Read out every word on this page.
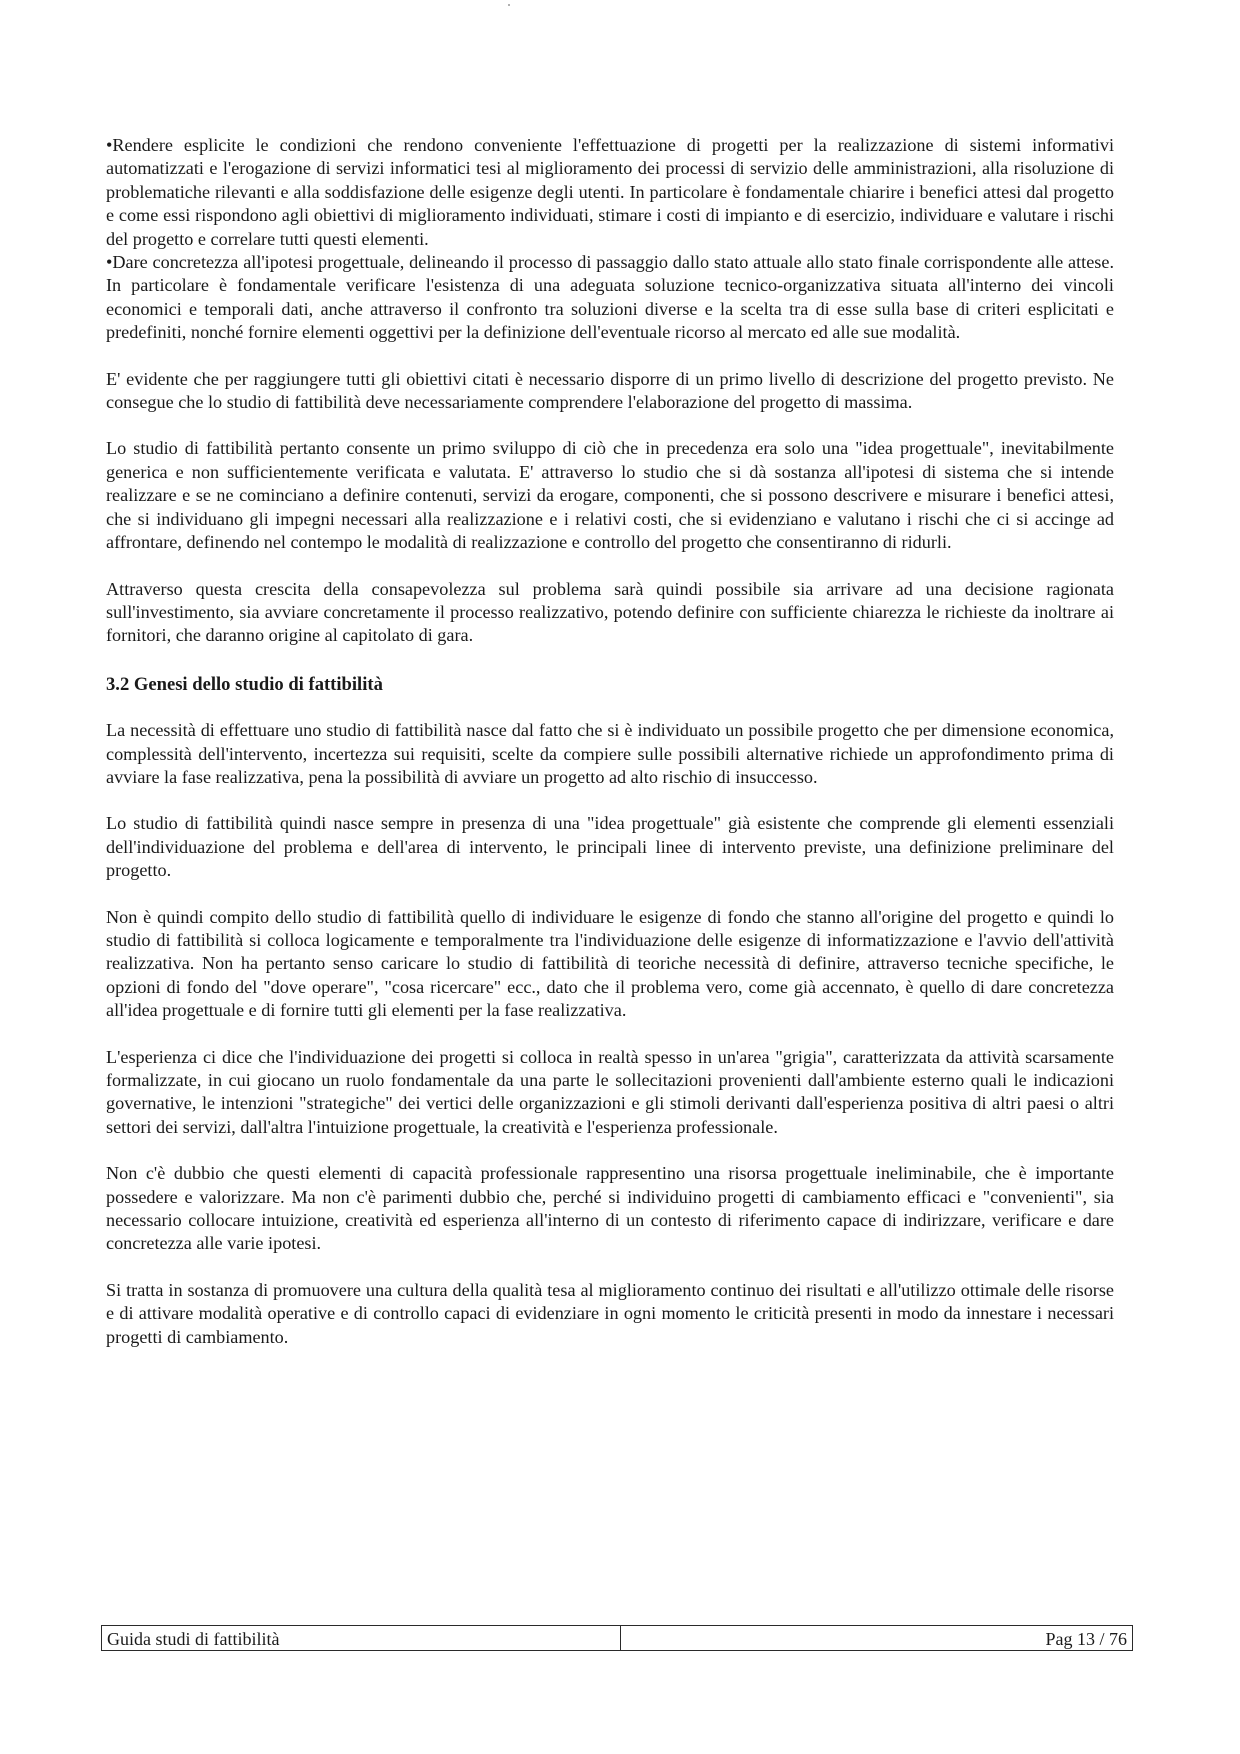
•Rendere esplicite le condizioni che rendono conveniente l'effettuazione di progetti per la realizzazione di sistemi informativi automatizzati e l'erogazione di servizi informatici tesi al miglioramento dei processi di servizio delle amministrazioni, alla risoluzione di problematiche rilevanti e alla soddisfazione delle esigenze degli utenti. In particolare è fondamentale chiarire i benefici attesi dal progetto e come essi rispondono agli obiettivi di miglioramento individuati, stimare i costi di impianto e di esercizio, individuare e valutare i rischi del progetto e correlare tutti questi elementi.

•Dare concretezza all'ipotesi progettuale, delineando il processo di passaggio dallo stato attuale allo stato finale corrispondente alle attese. In particolare è fondamentale verificare l'esistenza di una adeguata soluzione tecnico-organizzativa situata all'interno dei vincoli economici e temporali dati, anche attraverso il confronto tra soluzioni diverse e la scelta tra di esse sulla base di criteri esplicitati e predefiniti, nonché fornire elementi oggettivi per la definizione dell'eventuale ricorso al mercato ed alle sue modalità.

E' evidente che per raggiungere tutti gli obiettivi citati è necessario disporre di un primo livello di descrizione del progetto previsto. Ne consegue che lo studio di fattibilità deve necessariamente comprendere l'elaborazione del progetto di massima.

Lo studio di fattibilità pertanto consente un primo sviluppo di ciò che in precedenza era solo una "idea progettuale", inevitabilmente generica e non sufficientemente verificata e valutata. E' attraverso lo studio che si dà sostanza all'ipotesi di sistema che si intende realizzare e se ne cominciano a definire contenuti, servizi da erogare, componenti, che si possono descrivere e misurare i benefici attesi, che si individuano gli impegni necessari alla realizzazione e i relativi costi, che si evidenziano e valutano i rischi che ci si accinge ad affrontare, definendo nel contempo le modalità di realizzazione e controllo del progetto che consentiranno di ridurli.

Attraverso questa crescita della consapevolezza sul problema sarà quindi possibile sia arrivare ad una decisione ragionata sull'investimento, sia avviare concretamente il processo realizzativo, potendo definire con sufficiente chiarezza le richieste da inoltrare ai fornitori, che daranno origine al capitolato di gara.

3.2 Genesi dello studio di fattibilità

La necessità di effettuare uno studio di fattibilità nasce dal fatto che si è individuato un possibile progetto che per dimensione economica, complessità dell'intervento, incertezza sui requisiti, scelte da compiere sulle possibili alternative richiede un approfondimento prima di avviare la fase realizzativa, pena la possibilità di avviare un progetto ad alto rischio di insuccesso.

Lo studio di fattibilità quindi nasce sempre in presenza di una "idea progettuale" già esistente che comprende gli elementi essenziali dell'individuazione del problema e dell'area di intervento, le principali linee di intervento previste, una definizione preliminare del progetto.

Non è quindi compito dello studio di fattibilità quello di individuare le esigenze di fondo che stanno all'origine del progetto e quindi lo studio di fattibilità si colloca logicamente e temporalmente tra l'individuazione delle esigenze di informatizzazione e l'avvio dell'attività realizzativa. Non ha pertanto senso caricare lo studio di fattibilità di teoriche necessità di definire, attraverso tecniche specifiche, le opzioni di fondo del "dove operare", "cosa ricercare" ecc., dato che il problema vero, come già accennato, è quello di dare concretezza all'idea progettuale e di fornire tutti gli elementi per la fase realizzativa.

L'esperienza ci dice che l'individuazione dei progetti si colloca in realtà spesso in un'area "grigia", caratterizzata da attività scarsamente formalizzate, in cui giocano un ruolo fondamentale da una parte le sollecitazioni provenienti dall'ambiente esterno quali le indicazioni governative, le intenzioni "strategiche" dei vertici delle organizzazioni e gli stimoli derivanti dall'esperienza positiva di altri paesi o altri settori dei servizi, dall'altra l'intuizione progettuale, la creatività e l'esperienza professionale.

Non c'è dubbio che questi elementi di capacità professionale rappresentino una risorsa progettuale ineliminabile, che è importante possedere e valorizzare. Ma non c'è parimenti dubbio che, perché si individuino progetti di cambiamento efficaci e "convenienti", sia necessario collocare intuizione, creatività ed esperienza all'interno di un contesto di riferimento capace di indirizzare, verificare e dare concretezza alle varie ipotesi.

Si tratta in sostanza di promuovere una cultura della qualità tesa al miglioramento continuo dei risultati e all'utilizzo ottimale delle risorse e di attivare modalità operative e di controllo capaci di evidenziare in ogni momento le criticità presenti in modo da innestare i necessari progetti di cambiamento.

Guida studi di fattibilità	Pag 13 / 76
